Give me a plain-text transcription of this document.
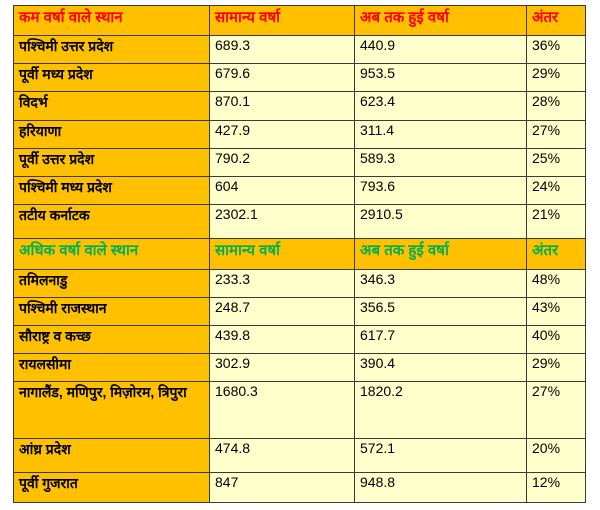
कम वर्षा वाले स्थान	सामान्य वर्षा	अब तक हुई वर्षा	अंतर
पश्चिमी उत्तर प्रदेश	689.3	440.9	36%
पूर्वी मध्य प्रदेश	679.6	953.5	29%
विदर्भ	870.1	623.4	28%
हरियाणा	427.9	311.4	27%
पूर्वी उत्तर प्रदेश	790.2	589.3	25%
पश्चिमी मध्य प्रदेश	604	793.6	24%
तटीय कर्नाटक	2302.1	2910.5	21%
अधिक वर्षा वाले स्थान	सामान्य वर्षा	अब तक हुई वर्षा	अंतर
तमिलनाडु	233.3	346.3	48%
पश्चिमी राजस्थान	248.7	356.5	43%
सौराष्ट्र व कच्छ	439.8	617.7	40%
रायलसीमा	302.9	390.4	29%
नागालैंड, मणिपुर, मिज़ोरम, त्रिपुरा	1680.3	1820.2	27%
आंध्र प्रदेश	474.8	572.1	20%
पूर्वी गुजरात	847	948.8	12%
